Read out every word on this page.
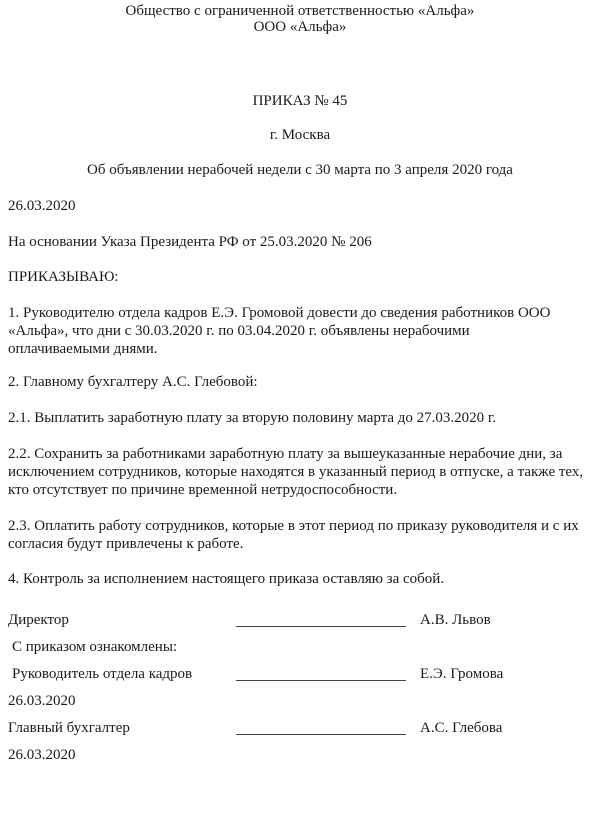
Общество с ограниченной ответственностью «Альфа»
ООО «Альфа»
ПРИКАЗ № 45
г. Москва
Об объявлении нерабочей недели с 30 марта по 3 апреля 2020 года
26.03.2020
На основании Указа Президента РФ от 25.03.2020 № 206
ПРИКАЗЫВАЮ:
1. Руководителю отдела кадров Е.Э. Громовой довести до сведения работников ООО «Альфа», что дни с 30.03.2020 г. по 03.04.2020 г. объявлены нерабочими оплачиваемыми днями.
2. Главному бухгалтеру А.С. Глебовой:
2.1. Выплатить заработную плату за вторую половину марта до 27.03.2020 г.
2.2. Сохранить за работниками заработную плату за вышеуказанные нерабочие дни, за исключением сотрудников, которые находятся в указанный период в отпуске, а также тех, кто отсутствует по причине временной нетрудоспособности.
2.3. Оплатить работу сотрудников, которые в этот период по приказу руководителя и с их согласия будут привлечены к работе.
4. Контроль за исполнением настоящего приказа оставляю за собой.
Директор	А.В. Львов
С приказом ознакомлены:
Руководитель отдела кадров	Е.Э. Громова
26.03.2020
Главный бухгалтер	А.С. Глебова
26.03.2020
